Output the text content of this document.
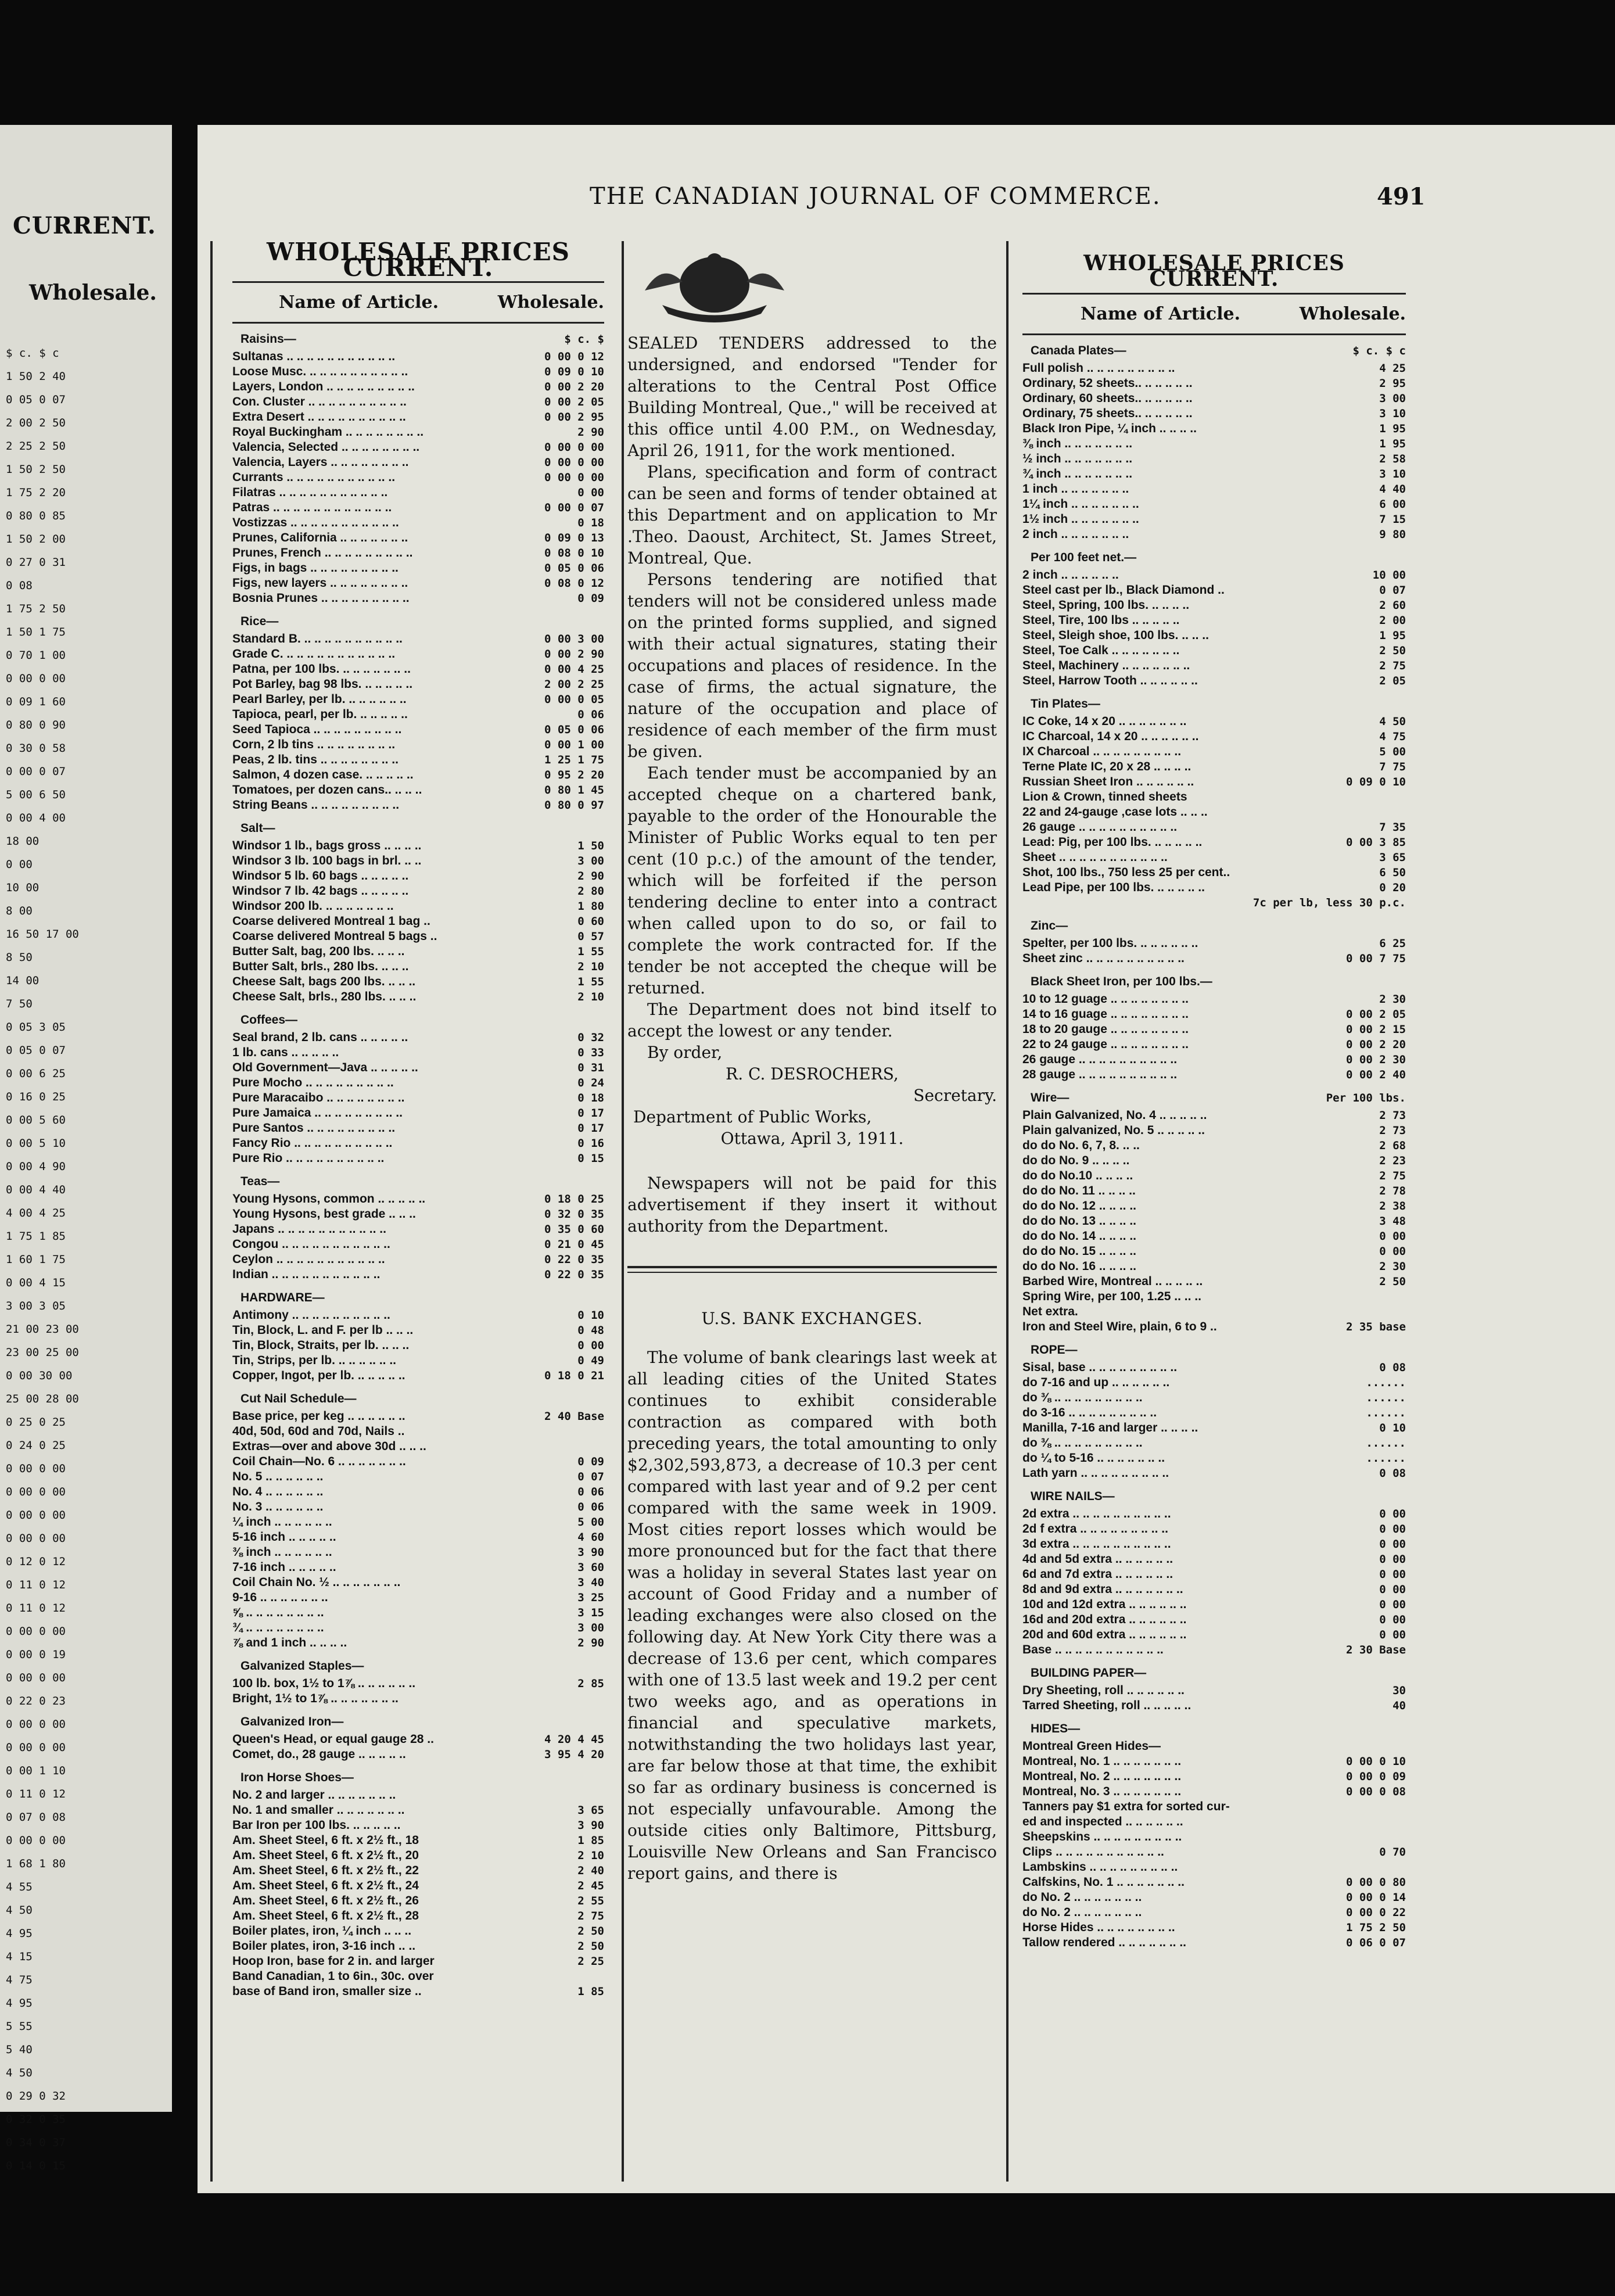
CURRENT.
Wholesale.
$ c. $ c
1 50 2 40
0 05 0 07
2 00 2 50
2 25 2 50
1 50 2 50
1 75 2 20
0 80 0 85
1 50 2 00
0 27 0 31
0 08
1 75 2 50
1 50 1 75
0 70 1 00
0 00 0 00
0 09 1 60
0 80 0 90
0 30 0 58
0 00 0 07
5 00 6 50
0 00 4 00
18 00
0 00
10 00
8 00
16 50 17 00
8 50
14 00
7 50
0 05 3 05
0 05 0 07
0 00 6 25
0 16 0 25
0 00 5 60
0 00 5 10
0 00 4 90
0 00 4 40
4 00 4 25
1 75 1 85
1 60 1 75
0 00 4 15
3 00 3 05
21 00 23 00
23 00 25 00
0 00 30 00
25 00 28 00
0 25 0 25
0 24 0 25
0 00 0 00
0 00 0 00
0 00 0 00
0 00 0 00
0 12 0 12
0 11 0 12
0 11 0 12
0 00 0 00
0 00 0 19
0 00 0 00
0 22 0 23
0 00 0 00
0 00 0 00
0 00 1 10
0 11 0 12
0 07 0 08
0 00 0 00
1 68 1 80
4 55
4 50
4 95
4 15
4 75
4 95
5 55
5 40
4 50
0 29 0 32
0 32 0 35
0 34 0 37
0 14 0 15
THE CANADIAN JOURNAL OF COMMERCE.	491
WHOLESALE PRICES CURRENT.
Name of Article.	Wholesale.
Raisins—	$ c. $
Sultanas .. .. .. .. .. .. .. .. .. .. ..	0 00 0 12
Loose Musc. .. .. .. .. .. .. .. .. .. ..	0 09 0 10
Layers, London .. .. .. .. .. .. .. .. ..	0 00 2 20
Con. Cluster .. .. .. .. .. .. .. .. .. ..	0 00 2 05
Extra Desert .. .. .. .. .. .. .. .. .. ..	0 00 2 95
Royal Buckingham .. .. .. .. .. .. .. ..	2 90
Valencia, Selected .. .. .. .. .. .. .. ..	0 00 0 00
Valencia, Layers .. .. .. .. .. .. .. ..	0 00 0 00
Currants .. .. .. .. .. .. .. .. .. .. ..	0 00 0 00
Filatras .. .. .. .. .. .. .. .. .. .. ..	0 00
Patras .. .. .. .. .. .. .. .. .. .. .. ..	0 00 0 07
Vostizzas .. .. .. .. .. .. .. .. .. .. ..	0 18
Prunes, California .. .. .. .. .. .. ..	0 09 0 13
Prunes, French .. .. .. .. .. .. .. .. ..	0 08 0 10
Figs, in bags .. .. .. .. .. .. .. .. ..	0 05 0 06
Figs, new layers .. .. .. .. .. .. .. ..	0 08 0 12
Bosnia Prunes .. .. .. .. .. .. .. .. ..	0 09
Rice—
Standard B. .. .. .. .. .. .. .. .. .. ..	0 00 3 00
Grade C. .. .. .. .. .. .. .. .. .. .. ..	0 00 2 90
Patna, per 100 lbs. .. .. .. .. .. .. ..	0 00 4 25
Pot Barley, bag 98 lbs. .. .. .. .. ..	2 00 2 25
Pearl Barley, per lb. .. .. .. .. .. ..	0 00 0 05
Tapioca, pearl, per lb. .. .. .. .. ..	0 06
Seed Tapioca .. .. .. .. .. .. .. .. ..	0 05 0 06
Corn, 2 lb tins .. .. .. .. .. .. .. ..	0 00 1 00
Peas, 2 lb. tins .. .. .. .. .. .. .. ..	1 25 1 75
Salmon, 4 dozen case. .. .. .. .. ..	0 95 2 20
Tomatoes, per dozen cans.. .. .. ..	0 80 1 45
String Beans .. .. .. .. .. .. .. .. ..	0 80 0 97
Salt—
Windsor 1 lb., bags gross .. .. .. ..	1 50
Windsor 3 lb. 100 bags in brl. .. ..	3 00
Windsor 5 lb. 60 bags .. .. .. .. ..	2 90
Windsor 7 lb. 42 bags .. .. .. .. ..	2 80
Windsor 200 lb. .. .. .. .. .. .. ..	1 80
Coarse delivered Montreal 1 bag ..	0 60
Coarse delivered Montreal 5 bags ..	0 57
Butter Salt, bag, 200 lbs. .. .. ..	1 55
Butter Salt, brls., 280 lbs. .. .. ..	2 10
Cheese Salt, bags 200 lbs. .. .. ..	1 55
Cheese Salt, brls., 280 lbs. .. .. ..	2 10
Coffees—
Seal brand, 2 lb. cans .. .. .. .. ..	0 32
1 lb. cans .. .. .. .. ..	0 33
Old Government—Java .. .. .. .. ..	0 31
Pure Mocho .. .. .. .. .. .. .. .. ..	0 24
Pure Maracaibo .. .. .. .. .. .. .. ..	0 18
Pure Jamaica .. .. .. .. .. .. .. .. ..	0 17
Pure Santos .. .. .. .. .. .. .. .. ..	0 17
Fancy Rio .. .. .. .. .. .. .. .. .. ..	0 16
Pure Rio .. .. .. .. .. .. .. .. .. ..	0 15
Teas—
Young Hysons, common .. .. .. .. ..	0 18 0 25
Young Hysons, best grade .. .. ..	0 32 0 35
Japans .. .. .. .. .. .. .. .. .. .. ..	0 35 0 60
Congou .. .. .. .. .. .. .. .. .. .. ..	0 21 0 45
Ceylon .. .. .. .. .. .. .. .. .. .. ..	0 22 0 35
Indian .. .. .. .. .. .. .. .. .. .. ..	0 22 0 35
HARDWARE—
Antimony .. .. .. .. .. .. .. .. .. ..	0 10
Tin, Block, L. and F. per lb .. .. ..	0 48
Tin, Block, Straits, per lb. .. .. ..	0 00
Tin, Strips, per lb. .. .. .. .. .. ..	0 49
Copper, Ingot, per lb. .. .. .. .. ..	0 18 0 21
Cut Nail Schedule—
Base price, per keg .. .. .. .. .. ..	2 40 Base
40d, 50d, 60d and 70d, Nails ..
Extras—over and above 30d .. .. ..
Coil Chain—No. 6 .. .. .. .. .. .. ..	0 09
No. 5 .. .. .. .. .. ..	0 07
No. 4 .. .. .. .. .. ..	0 06
No. 3 .. .. .. .. .. ..	0 06
¼ inch .. .. .. .. .. ..	5 00
5-16 inch .. .. .. .. ..	4 60
⅜ inch .. .. .. .. .. ..	3 90
7-16 inch .. .. .. .. ..	3 60
Coil Chain No. ½ .. .. .. .. .. .. ..	3 40
9-16 .. .. .. .. .. .. ..	3 25
⅝ .. .. .. .. .. .. .. ..	3 15
¾ .. .. .. .. .. .. .. ..	3 00
⅞ and 1 inch .. .. .. ..	2 90
Galvanized Staples—
100 lb. box, 1½ to 1⅞ .. .. .. .. .. ..	2 85
Bright, 1½ to 1⅞ .. .. .. .. .. .. ..
Galvanized Iron—
Queen's Head, or equal gauge 28 ..	4 20 4 45
Comet, do., 28 gauge .. .. .. .. ..	3 95 4 20
Iron Horse Shoes—
No. 2 and larger .. .. .. .. .. .. ..
No. 1 and smaller .. .. .. .. .. .. ..	3 65
Bar Iron per 100 lbs. .. .. .. .. ..	3 90
Am. Sheet Steel, 6 ft. x 2½ ft., 18	1 85
Am. Sheet Steel, 6 ft. x 2½ ft., 20	2 10
Am. Sheet Steel, 6 ft. x 2½ ft., 22	2 40
Am. Sheet Steel, 6 ft. x 2½ ft., 24	2 45
Am. Sheet Steel, 6 ft. x 2½ ft., 26	2 55
Am. Sheet Steel, 6 ft. x 2½ ft., 28	2 75
Boiler plates, iron, ¼ inch .. .. ..	2 50
Boiler plates, iron, 3-16 inch .. ..	2 50
Hoop Iron, base for 2 in. and larger	2 25
Band Canadian, 1 to 6in., 30c. over
base of Band iron, smaller size ..	1 85

SEALED TENDERS addressed to the undersigned, and endorsed "Tender for alterations to the Central Post Office Building Montreal, Que.," will be received at this office until 4.00 P.M., on Wednesday, April 26, 1911, for the work mentioned.

Plans, specification and form of contract can be seen and forms of tender obtained at this Department and on application to Mr .Theo. Daoust, Architect, St. James Street, Montreal, Que.

Persons tendering are notified that tenders will not be considered unless made on the printed forms supplied, and signed with their actual signatures, stating their occupations and places of residence. In the case of firms, the actual signature, the nature of the occupation and place of residence of each member of the firm must be given.

Each tender must be accompanied by an accepted cheque on a chartered bank, payable to the order of the Honourable the Minister of Public Works equal to ten per cent (10 p.c.) of the amount of the tender, which will be forfeited if the person tendering decline to enter into a contract when called upon to do so, or fail to complete the work contracted for. If the tender be not accepted the cheque will be returned.

The Department does not bind itself to accept the lowest or any tender.

By order,

R. C. DESROCHERS,

Secretary.

Department of Public Works,

Ottawa, April 3, 1911.

Newspapers will not be paid for this advertisement if they insert it without authority from the Department.

U.S. BANK EXCHANGES.

The volume of bank clearings last week at all leading cities of the United States continues to exhibit considerable contraction as compared with both preceding years, the total amounting to only $2,302,593,873, a decrease of 10.3 per cent compared with last year and of 9.2 per cent compared with the same week in 1909. Most cities report losses which would be more pronounced but for the fact that there was a holiday in several States last year on account of Good Friday and a number of leading exchanges were also closed on the following day. At New York City there was a decrease of 13.6 per cent, which compares with one of 13.5 last week and 19.2 per cent two weeks ago, and as operations in financial and speculative markets, notwithstanding the two holidays last year, are far below those at that time, the exhibit so far as ordinary business is concerned is not especially unfavourable. Among the outside cities only Baltimore, Pittsburg, Louisville New Orleans and San Francisco report gains, and there is

WHOLESALE PRICES CURRENT.
Name of Article.	Wholesale.
Canada Plates—	$ c. $ c
Full polish .. .. .. .. .. .. .. .. ..	4 25
Ordinary, 52 sheets.. .. .. .. .. ..	2 95
Ordinary, 60 sheets.. .. .. .. .. ..	3 00
Ordinary, 75 sheets.. .. .. .. .. ..	3 10
Black Iron Pipe, ¼ inch .. .. .. ..	1 95
⅜ inch .. .. .. .. .. .. ..	1 95
½ inch .. .. .. .. .. .. ..	2 58
¾ inch .. .. .. .. .. .. ..	3 10
1 inch .. .. .. .. .. .. ..	4 40
1¼ inch .. .. .. .. .. .. ..	6 00
1½ inch .. .. .. .. .. .. ..	7 15
2 inch .. .. .. .. .. .. ..	9 80
Per 100 feet net.—
2 inch .. .. .. .. .. ..	10 00
Steel cast per lb., Black Diamond ..	0 07
Steel, Spring, 100 lbs. .. .. .. ..	2 60
Steel, Tire, 100 lbs .. .. .. .. ..	2 00
Steel, Sleigh shoe, 100 lbs. .. .. ..	1 95
Steel, Toe Calk .. .. .. .. .. .. ..	2 50
Steel, Machinery .. .. .. .. .. .. ..	2 75
Steel, Harrow Tooth .. .. .. .. .. ..	2 05
Tin Plates—
IC Coke, 14 x 20 .. .. .. .. .. .. ..	4 50
IC Charcoal, 14 x 20 .. .. .. .. .. ..	4 75
IX Charcoal .. .. .. .. .. .. .. .. ..	5 00
Terne Plate IC, 20 x 28 .. .. .. ..	7 75
Russian Sheet Iron .. .. .. .. .. ..	0 09 0 10
Lion & Crown, tinned sheets
22 and 24-gauge ,case lots .. .. ..
26 gauge .. .. .. .. .. .. .. .. .. ..	7 35
Lead: Pig, per 100 lbs. .. .. .. .. ..	0 00 3 85
Sheet .. .. .. .. .. .. .. .. .. .. ..	3 65
Shot, 100 lbs., 750 less 25 per cent..	6 50
Lead Pipe, per 100 lbs. .. .. .. .. ..	0 20
7c per lb, less 30 p.c.
Zinc—
Spelter, per 100 lbs. .. .. .. .. .. ..	6 25
Sheet zinc .. .. .. .. .. .. .. .. .. ..	0 00 7 75
Black Sheet Iron, per 100 lbs.—
10 to 12 guage .. .. .. .. .. .. .. ..	2 30
14 to 16 guage .. .. .. .. .. .. .. ..	0 00 2 05
18 to 20 gauge .. .. .. .. .. .. .. ..	0 00 2 15
22 to 24 gauge .. .. .. .. .. .. .. ..	0 00 2 20
26 gauge .. .. .. .. .. .. .. .. .. ..	0 00 2 30
28 gauge .. .. .. .. .. .. .. .. .. ..	0 00 2 40
Wire—	Per 100 lbs.
Plain Galvanized, No. 4 .. .. .. .. ..	2 73
Plain galvanized, No. 5 .. .. .. .. ..	2 73
do do No. 6, 7, 8. .. ..	2 68
do do No. 9 .. .. .. ..	2 23
do do No.10 .. .. .. ..	2 75
do do No. 11 .. .. .. ..	2 78
do do No. 12 .. .. .. ..	2 38
do do No. 13 .. .. .. ..	3 48
do do No. 14 .. .. .. ..	0 00
do do No. 15 .. .. .. ..	0 00
do do No. 16 .. .. .. ..	2 30
Barbed Wire, Montreal .. .. .. .. ..	2 50
Spring Wire, per 100, 1.25 .. .. ..
Net extra.
Iron and Steel Wire, plain, 6 to 9 ..	2 35 base
ROPE—
Sisal, base .. .. .. .. .. .. .. .. ..	0 08
do 7-16 and up .. .. .. .. .. ..	......
do ⅜ .. .. .. .. .. .. .. .. ..	......
do 3-16 .. .. .. .. .. .. .. .. ..	......
Manilla, 7-16 and larger .. .. .. ..	0 10
do ⅜ .. .. .. .. .. .. .. .. ..	......
do ¼ to 5-16 .. .. .. .. .. .. ..	......
Lath yarn .. .. .. .. .. .. .. .. ..	0 08
WIRE NAILS—
2d extra .. .. .. .. .. .. .. .. .. ..	0 00
2d f extra .. .. .. .. .. .. .. .. ..	0 00
3d extra .. .. .. .. .. .. .. .. .. ..	0 00
4d and 5d extra .. .. .. .. .. ..	0 00
6d and 7d extra .. .. .. .. .. ..	0 00
8d and 9d extra .. .. .. .. .. .. ..	0 00
10d and 12d extra .. .. .. .. .. ..	0 00
16d and 20d extra .. .. .. .. .. ..	0 00
20d and 60d extra .. .. .. .. .. ..	0 00
Base .. .. .. .. .. .. .. .. .. .. ..	2 30 Base
BUILDING PAPER—
Dry Sheeting, roll .. .. .. .. .. ..	30
Tarred Sheeting, roll .. .. .. .. ..	40
HIDES—
Montreal Green Hides—
Montreal, No. 1 .. .. .. .. .. .. ..	0 00 0 10
Montreal, No. 2 .. .. .. .. .. .. ..	0 00 0 09
Montreal, No. 3 .. .. .. .. .. .. ..	0 00 0 08
Tanners pay $1 extra for sorted cur-
ed and inspected .. .. .. .. .. ..
Sheepskins .. .. .. .. .. .. .. .. ..
Clips .. .. .. .. .. .. .. .. .. .. ..	0 70
Lambskins .. .. .. .. .. .. .. .. ..
Calfskins, No. 1 .. .. .. .. .. .. ..	0 00 0 80
do No. 2 .. .. .. .. .. .. ..	0 00 0 14
do No. 2 .. .. .. .. .. .. ..	0 00 0 22
Horse Hides .. .. .. .. .. .. .. ..	1 75 2 50
Tallow rendered .. .. .. .. .. .. ..	0 06 0 07
